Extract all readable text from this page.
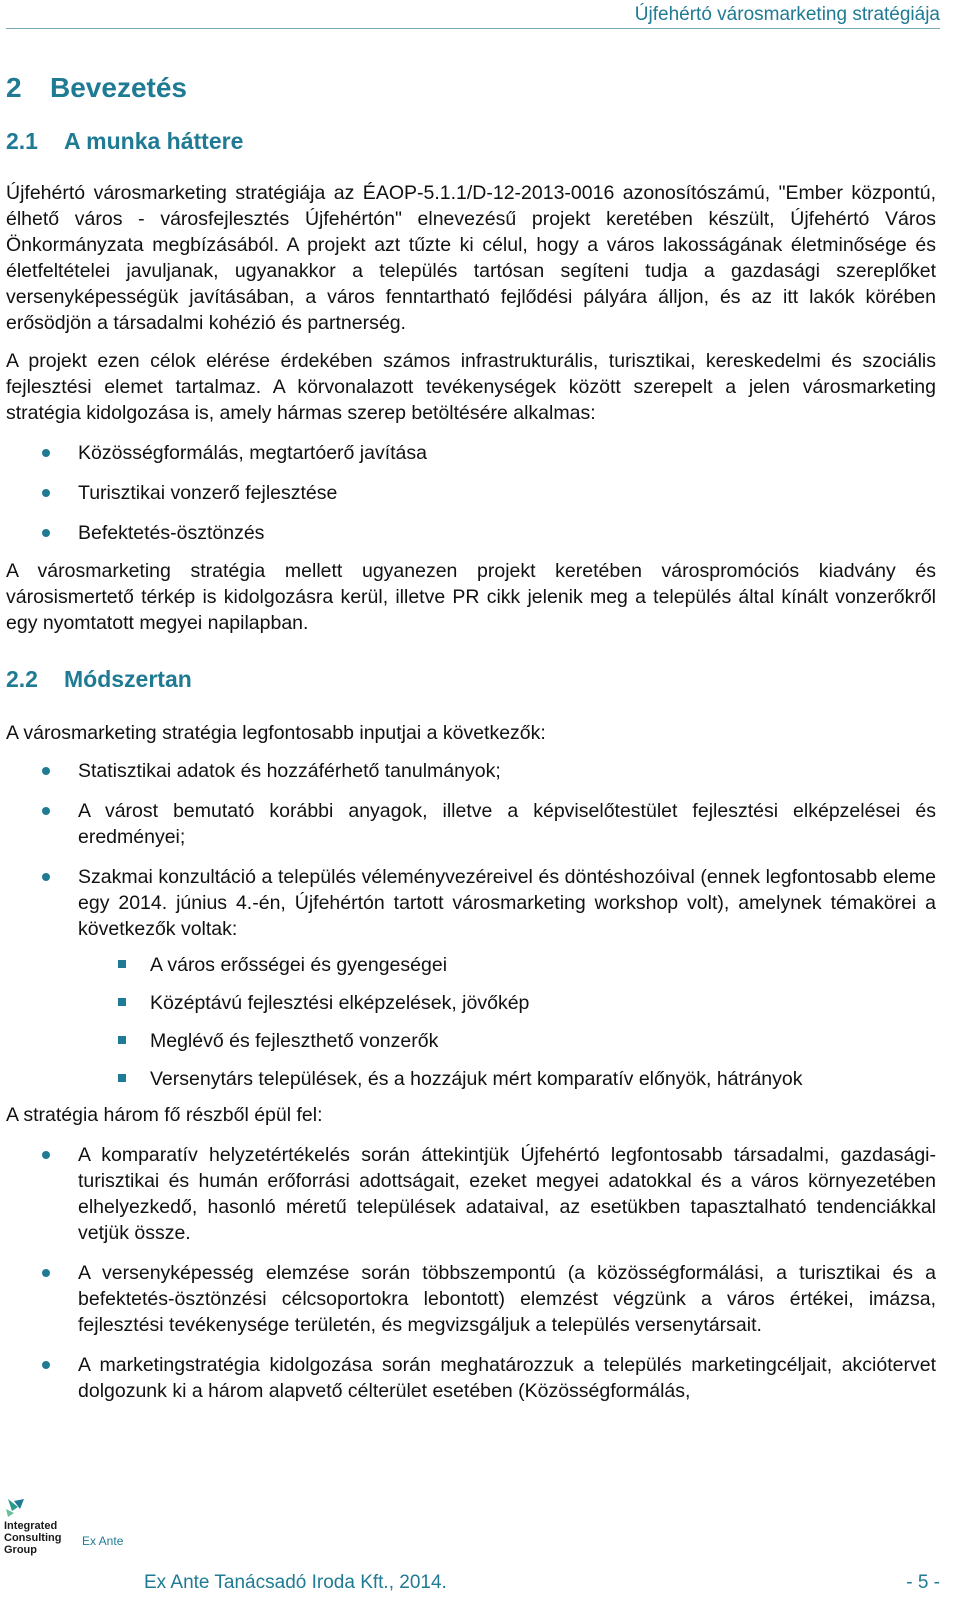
Újfehértó városmarketing stratégiája
2 Bevezetés
2.1 A munka háttere

Újfehértó városmarketing stratégiája az ÉAOP-5.1.1/D-12-2013-0016 azonosítószámú, "Ember központú, élhető város - városfejlesztés Újfehértón" elnevezésű projekt keretében készült, Újfehértó Város Önkormányzata megbízásából. A projekt azt tűzte ki célul, hogy a város lakosságának életminősége és életfeltételei javuljanak, ugyanakkor a település tartósan segíteni tudja a gazdasági szereplőket versenyképességük javításában, a város fenntartható fejlődési pályára álljon, és az itt lakók körében erősödjön a társadalmi kohézió és partnerség.

A projekt ezen célok elérése érdekében számos infrastrukturális, turisztikai, kereskedelmi és szociális fejlesztési elemet tartalmaz. A körvonalazott tevékenységek között szerepelt a jelen városmarketing stratégia kidolgozása is, amely hármas szerep betöltésére alkalmas:

Közösségformálás, megtartóerő javítása
Turisztikai vonzerő fejlesztése
Befektetés-ösztönzés

A városmarketing stratégia mellett ugyanezen projekt keretében várospromóciós kiadvány és városismertető térkép is kidolgozásra kerül, illetve PR cikk jelenik meg a település által kínált vonzerőkről egy nyomtatott megyei napilapban.

2.2 Módszertan

A városmarketing stratégia legfontosabb inputjai a következők:

Statisztikai adatok és hozzáférhető tanulmányok;
A várost bemutató korábbi anyagok, illetve a képviselőtestület fejlesztési elképzelései és eredményei;
Szakmai konzultáció a település véleményvezéreivel és döntéshozóival (ennek legfontosabb eleme egy 2014. június 4.-én, Újfehértón tartott városmarketing workshop volt), amelynek témakörei a következők voltak:
A város erősségei és gyengeségei
Középtávú fejlesztési elképzelések, jövőkép
Meglévő és fejleszthető vonzerők
Versenytárs települések, és a hozzájuk mért komparatív előnyök, hátrányok

A stratégia három fő részből épül fel:

A komparatív helyzetértékelés során áttekintjük Újfehértó legfontosabb társadalmi, gazdasági-turisztikai és humán erőforrási adottságait, ezeket megyei adatokkal és a város környezetében elhelyezkedő, hasonló méretű települések adataival, az esetükben tapasztalható tendenciákkal vetjük össze.
A versenyképesség elemzése során többszempontú (a közösségformálási, a turisztikai és a befektetés-ösztönzési célcsoportokra lebontott) elemzést végzünk a város értékei, imázsa, fejlesztési tevékenysége területén, és megvizsgáljuk a település versenytársait.
A marketingstratégia kidolgozása során meghatározzuk a település marketingcéljait, akciótervet dolgozunk ki a három alapvető célterület esetében (Közösségformálás,
Integrated Consulting Group
Ex Ante
Ex Ante Tanácsadó Iroda Kft., 2014.	- 5 -
